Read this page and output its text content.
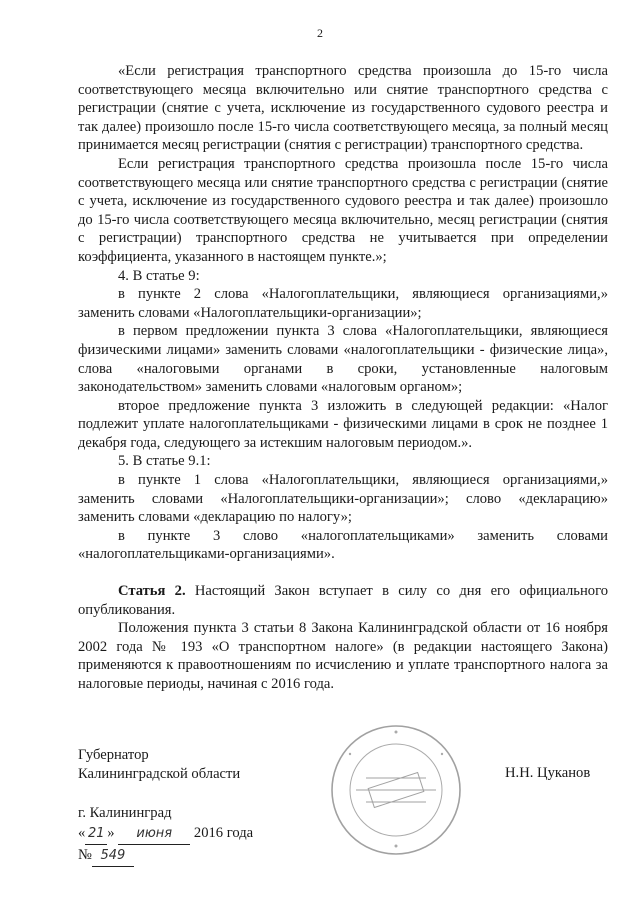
2

«Если регистрация транспортного средства произошла до 15-го числа соответствующего месяца включительно или снятие транспортного средства с регистрации (снятие с учета, исключение из государственного судового реестра и так далее) произошло после 15-го числа соответствующего месяца, за полный месяц принимается месяц регистрации (снятия с регистрации) транспортного средства.

Если регистрация транспортного средства произошла после 15-го числа соответствующего месяца или снятие транспортного средства с регистрации (снятие с учета, исключение из государственного судового реестра и так далее) произошло до 15-го числа соответствующего месяца включительно, месяц регистрации (снятия с регистрации) транспортного средства не учитывается при определении коэффициента, указанного в настоящем пункте.»;

4. В статье 9:

в пункте 2 слова «Налогоплательщики, являющиеся организациями,» заменить словами «Налогоплательщики-организации»;

в первом предложении пункта 3 слова «Налогоплательщики, являющиеся физическими лицами» заменить словами «налогоплательщики - физические лица», слова «налоговыми органами в сроки, установленные налоговым законодательством» заменить словами «налоговым органом»;

второе предложение пункта 3 изложить в следующей редакции: «Налог подлежит уплате налогоплательщиками - физическими лицами в срок не позднее 1 декабря года, следующего за истекшим налоговым периодом.».

5. В статье 9.1:

в пункте 1 слова «Налогоплательщики, являющиеся организациями,» заменить словами «Налогоплательщики-организации»; слово «декларацию» заменить словами «декларацию по налогу»;

в пункте 3 слово «налогоплательщиками» заменить словами «налогоплательщиками-организациями».

Статья 2. Настоящий Закон вступает в силу со дня его официального опубликования.

Положения пункта 3 статьи 8 Закона Калининградской области от 16 ноября 2002 года № 193 «О транспортном налоге» (в редакции настоящего Закона) применяются к правоотношениям по исчислению и уплате транспортного налога за налоговые периоды, начиная с 2016 года.

Губернатор
Калининградской области	Н.Н. Цуканов
г. Калининград
« 21 » июня 2016 года
№ 549
